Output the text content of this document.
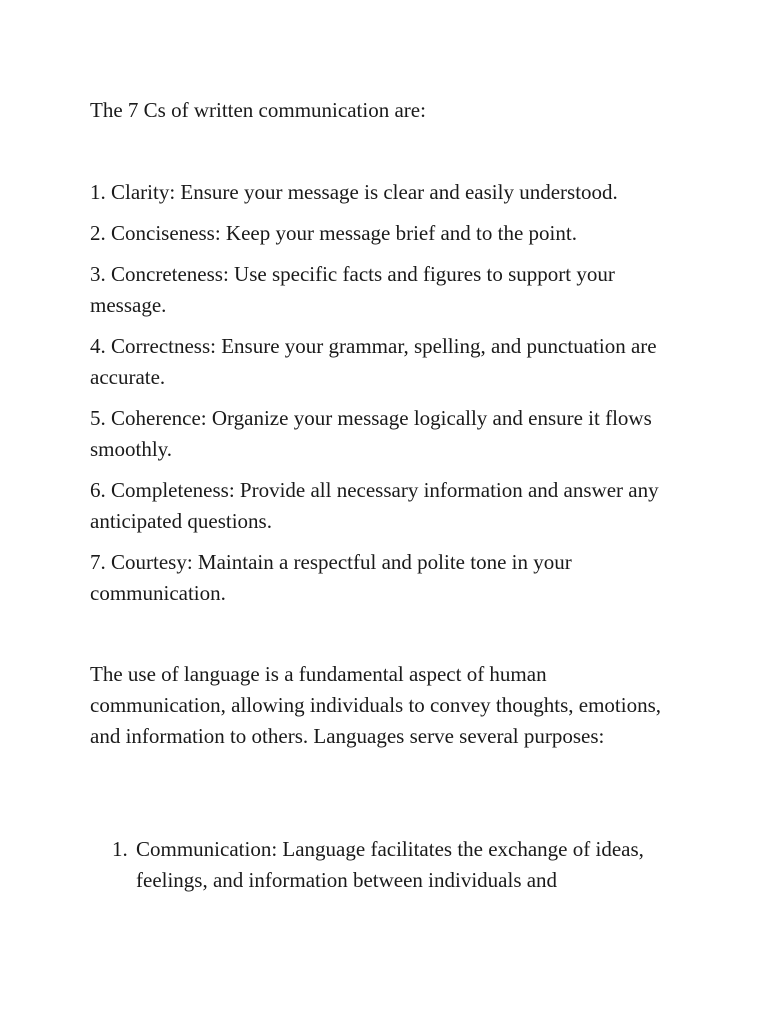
The 7 Cs of written communication are:
1. Clarity: Ensure your message is clear and easily understood.
2. Conciseness: Keep your message brief and to the point.
3. Concreteness: Use specific facts and figures to support your message.
4. Correctness: Ensure your grammar, spelling, and punctuation are accurate.
5. Coherence: Organize your message logically and ensure it flows smoothly.
6. Completeness: Provide all necessary information and answer any anticipated questions.
7. Courtesy: Maintain a respectful and polite tone in your communication.
The use of language is a fundamental aspect of human communication, allowing individuals to convey thoughts, emotions, and information to others. Languages serve several purposes:
1. Communication: Language facilitates the exchange of ideas, feelings, and information between individuals and
